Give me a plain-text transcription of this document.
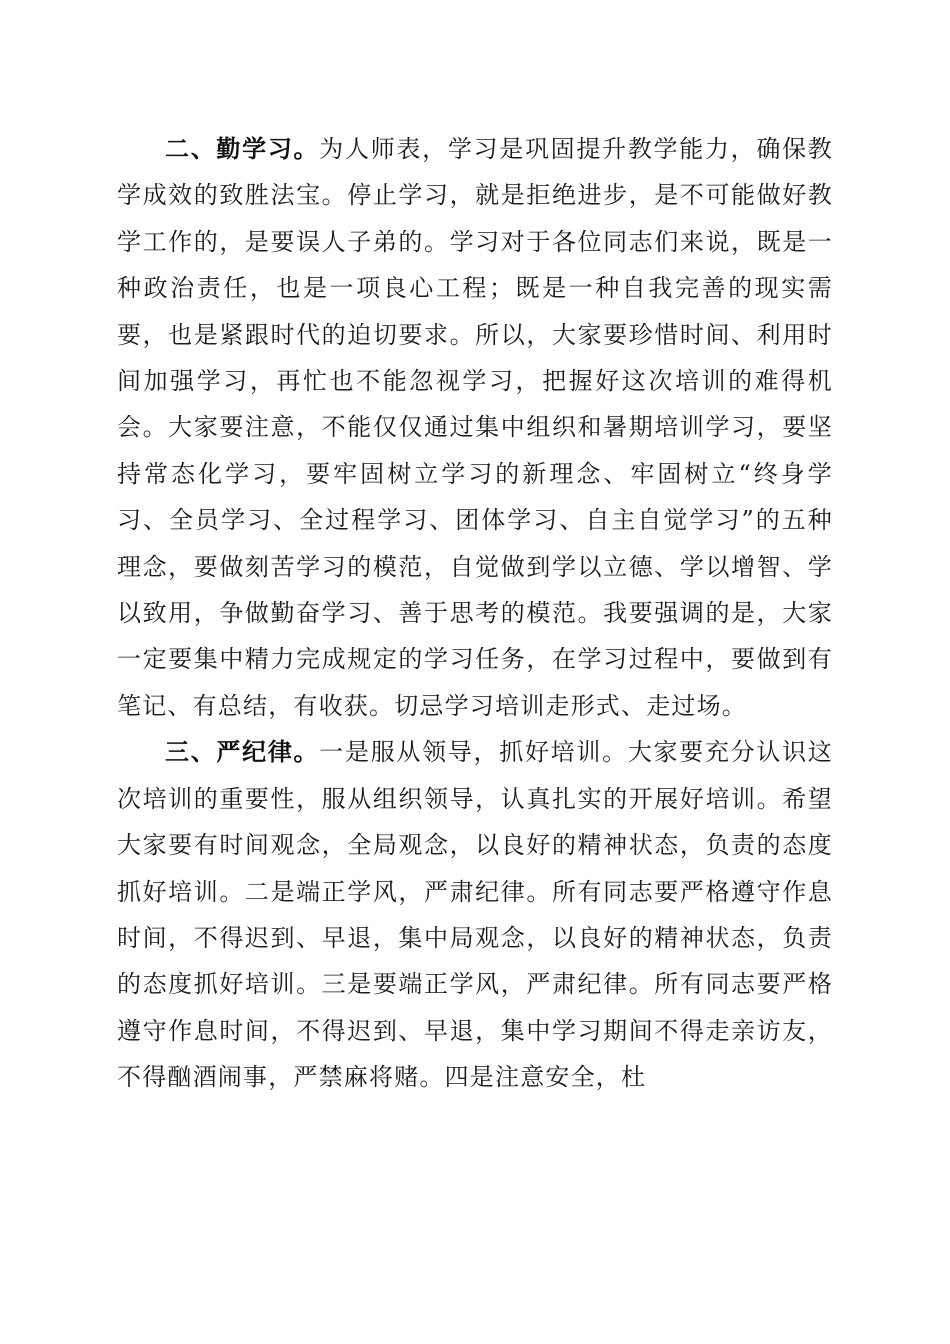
二、勤学习。为人师表，学习是巩固提升教学能力，确保教学成效的致胜法宝。停止学习，就是拒绝进步，是不可能做好教学工作的，是要误人子弟的。学习对于各位同志们来说，既是一种政治责任，也是一项良心工程；既是一种自我完善的现实需要，也是紧跟时代的迫切要求。所以，大家要珍惜时间、利用时间加强学习，再忙也不能忽视学习，把握好这次培训的难得机会。大家要注意，不能仅仅通过集中组织和暑期培训学习，要坚持常态化学习，要牢固树立学习的新理念、牢固树立“终身学习、全员学习、全过程学习、团体学习、自主自觉学习”的五种理念，要做刻苦学习的模范，自觉做到学以立德、学以增智、学以致用，争做勤奋学习、善于思考的模范。我要强调的是，大家一定要集中精力完成规定的学习任务，在学习过程中，要做到有笔记、有总结，有收获。切忌学习培训走形式、走过场。

三、严纪律。一是服从领导，抓好培训。大家要充分认识这次培训的重要性，服从组织领导，认真扎实的开展好培训。希望大家要有时间观念，全局观念，以良好的精神状态，负责的态度抓好培训。二是端正学风，严肃纪律。所有同志要严格遵守作息时间，不得迟到、早退，集中局观念，以良好的精神状态，负责的态度抓好培训。三是要端正学风，严肃纪律。所有同志要严格遵守作息时间，不得迟到、早退，集中学习期间不得走亲访友，不得酗酒闹事，严禁麻将赌。四是注意安全，杜
